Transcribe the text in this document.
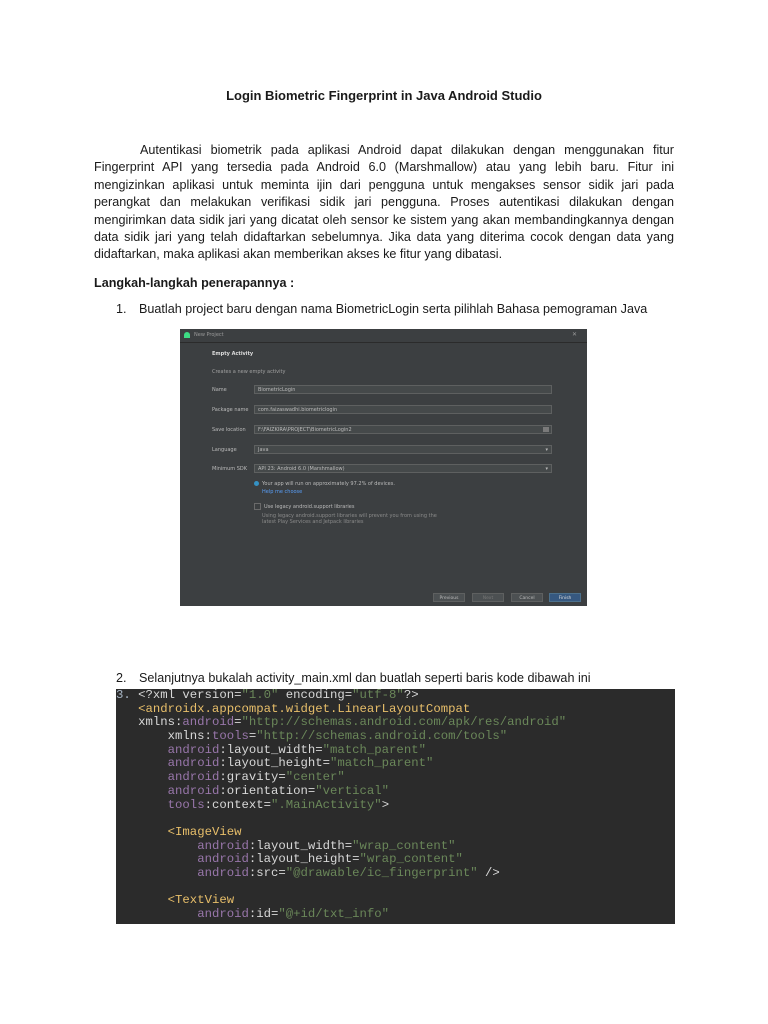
Login Biometric Fingerprint in Java Android Studio
Autentikasi biometrik pada aplikasi Android dapat dilakukan dengan menggunakan fitur Fingerprint API yang tersedia pada Android 6.0 (Marshmallow) atau yang lebih baru. Fitur ini mengizinkan aplikasi untuk meminta ijin dari pengguna untuk mengakses sensor sidik jari pada perangkat dan melakukan verifikasi sidik jari pengguna. Proses autentikasi dilakukan dengan mengirimkan data sidik jari yang dicatat oleh sensor ke sistem yang akan membandingkannya dengan data sidik jari yang telah didaftarkan sebelumnya. Jika data yang diterima cocok dengan data yang didaftarkan, maka aplikasi akan memberikan akses ke fitur yang dibatasi.
Langkah-langkah penerapannya :
1. Buatlah project baru dengan nama BiometricLogin serta pilihlah Bahasa pemograman Java
New Project	✕
Empty Activity
Creates a new empty activity
Name	BiometricLogin
Package name	com.faizaswadhi.biometriclogin
Save location	F:\FAIZKIRA\PROJECT\BiometricLogin2
Language	Java	▾
Minimum SDK	API 23: Android 6.0 (Marshmallow)	▾
Your app will run on approximately 97.2% of devices.
Help me choose
Use legacy android.support libraries
Using legacy android.support libraries will prevent you from using the latest Play Services and Jetpack libraries
Previous	Next	Cancel	Finish
2. Selanjutnya bukalah activity_main.xml dan buatlah seperti baris kode dibawah ini
3. <?xml version="1.0" encoding="utf-8"?>
<androidx.appcompat.widget.LinearLayoutCompat
xmlns:android="http://schemas.android.com/apk/res/android"
xmlns:tools="http://schemas.android.com/tools"
android:layout_width="match_parent"
android:layout_height="match_parent"
android:gravity="center"
android:orientation="vertical"
tools:context=".MainActivity">

<ImageView
android:layout_width="wrap_content"
android:layout_height="wrap_content"
android:src="@drawable/ic_fingerprint" />

<TextView
android:id="@+id/txt_info"
